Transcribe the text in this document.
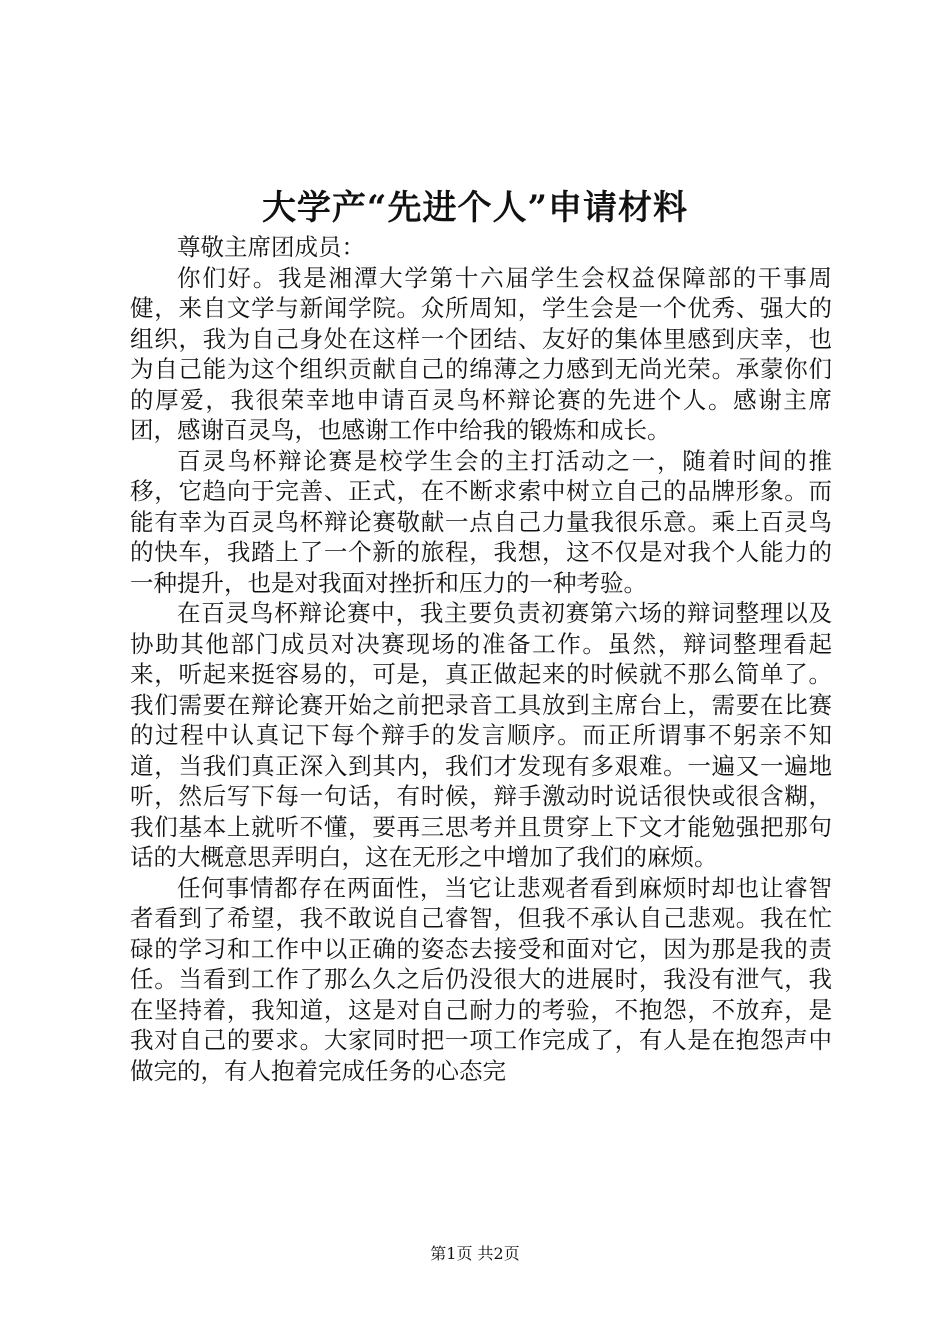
大学产“先进个人”申请材料

尊敬主席团成员：

你们好。我是湘潭大学第十六届学生会权益保障部的干事周健，来自文学与新闻学院。众所周知，学生会是一个优秀、强大的组织，我为自己身处在这样一个团结、友好的集体里感到庆幸，也为自己能为这个组织贡献自己的绵薄之力感到无尚光荣。承蒙你们的厚爱，我很荣幸地申请百灵鸟杯辩论赛的先进个人。感谢主席团，感谢百灵鸟，也感谢工作中给我的锻炼和成长。

百灵鸟杯辩论赛是校学生会的主打活动之一，随着时间的推移，它趋向于完善、正式，在不断求索中树立自己的品牌形象。而能有幸为百灵鸟杯辩论赛敬献一点自己力量我很乐意。乘上百灵鸟的快车，我踏上了一个新的旅程，我想，这不仅是对我个人能力的一种提升，也是对我面对挫折和压力的一种考验。

在百灵鸟杯辩论赛中，我主要负责初赛第六场的辩词整理以及协助其他部门成员对决赛现场的准备工作。虽然，辩词整理看起来，听起来挺容易的，可是，真正做起来的时候就不那么简单了。我们需要在辩论赛开始之前把录音工具放到主席台上，需要在比赛的过程中认真记下每个辩手的发言顺序。而正所谓事不躬亲不知道，当我们真正深入到其内，我们才发现有多艰难。一遍又一遍地听，然后写下每一句话，有时候，辩手激动时说话很快或很含糊，我们基本上就听不懂，要再三思考并且贯穿上下文才能勉强把那句话的大概意思弄明白，这在无形之中增加了我们的麻烦。

任何事情都存在两面性，当它让悲观者看到麻烦时却也让睿智者看到了希望，我不敢说自己睿智，但我不承认自己悲观。我在忙碌的学习和工作中以正确的姿态去接受和面对它，因为那是我的责任。当看到工作了那么久之后仍没很大的进展时，我没有泄气，我在坚持着，我知道，这是对自己耐力的考验，不抱怨，不放弃，是我对自己的要求。大家同时把一项工作完成了，有人是在抱怨声中做完的，有人抱着完成任务的心态完

第1页 共2页
